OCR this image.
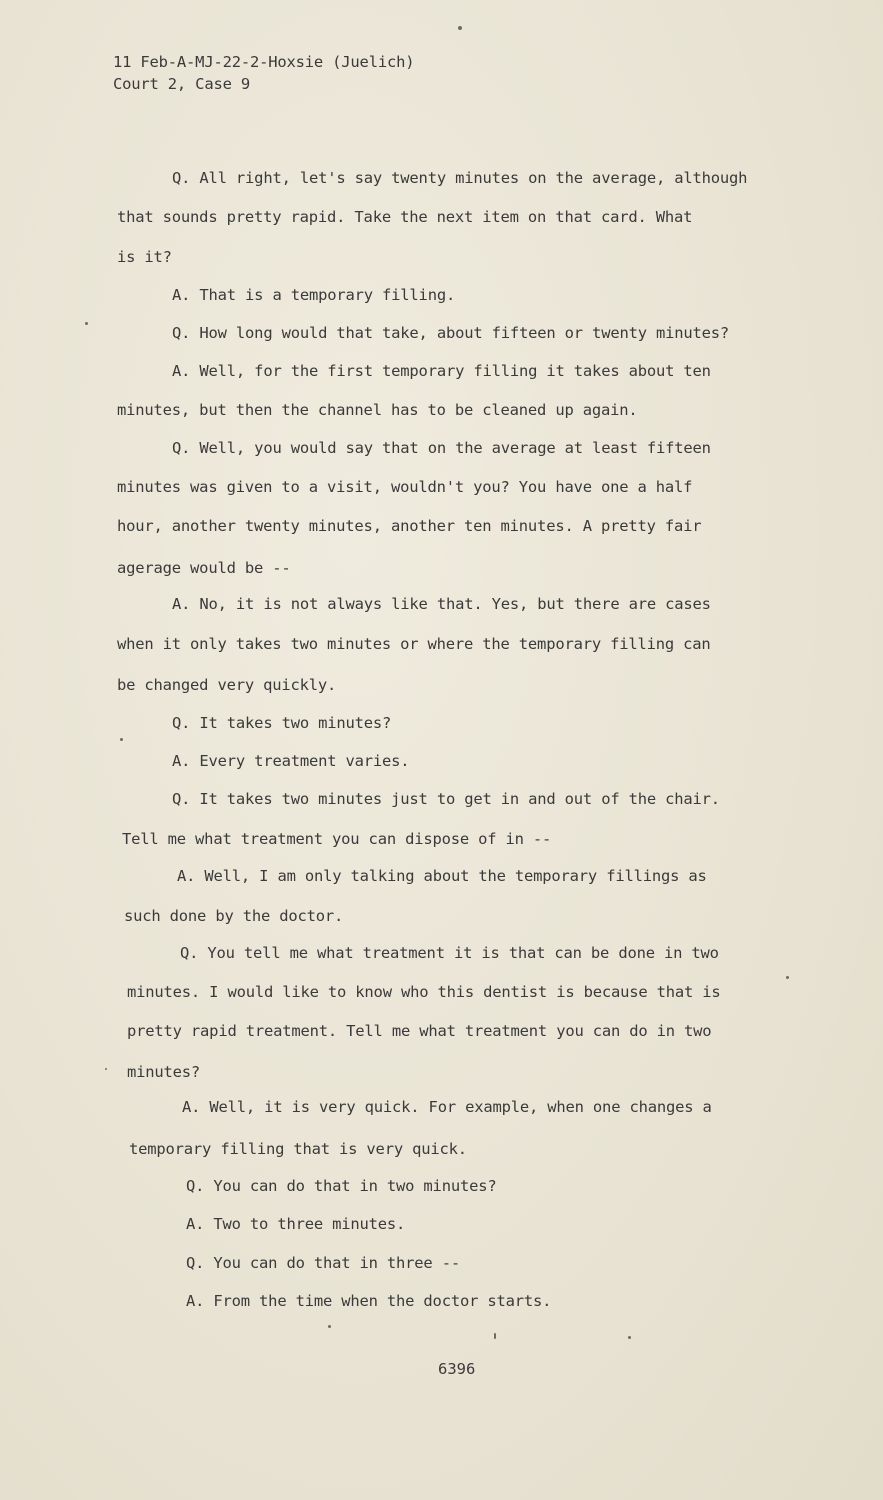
11 Feb-A-MJ-22-2-Hoxsie (Juelich)
Court 2, Case 9
Q. All right, let's say twenty minutes on the average, although
that sounds pretty rapid. Take the next item on that card. What
is it?
A. That is a temporary filling.
Q. How long would that take, about fifteen or twenty minutes?
A. Well, for the first temporary filling it takes about ten
minutes, but then the channel has to be cleaned up again.
Q. Well, you would say that on the average at least fifteen
minutes was given to a visit, wouldn't you? You have one a half
hour, another twenty minutes, another ten minutes. A pretty fair
agerage would be --
A. No, it is not always like that. Yes, but there are cases
when it only takes two minutes or where the temporary filling can
be changed very quickly.
Q. It takes two minutes?
A. Every treatment varies.
Q. It takes two minutes just to get in and out of the chair.
Tell me what treatment you can dispose of in --
A. Well, I am only talking about the temporary fillings as
such done by the doctor.
Q. You tell me what treatment it is that can be done in two
minutes. I would like to know who this dentist is because that is
pretty rapid treatment. Tell me what treatment you can do in two
minutes?
A. Well, it is very quick. For example, when one changes a
temporary filling that is very quick.
Q. You can do that in two minutes?
A. Two to three minutes.
Q. You can do that in three --
A. From the time when the doctor starts.
6396
